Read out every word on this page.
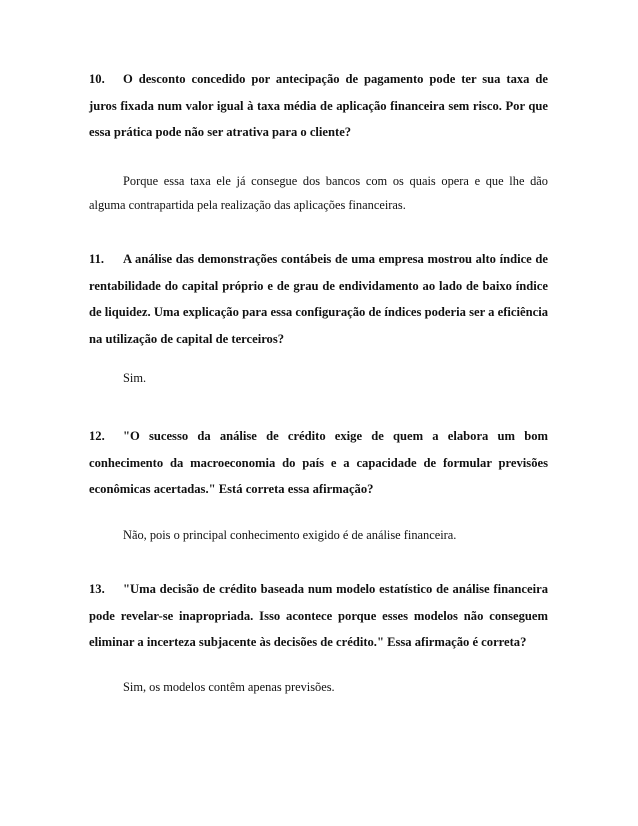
10. O desconto concedido por antecipação de pagamento pode ter sua taxa de juros fixada num valor igual à taxa média de aplicação financeira sem risco. Por que essa prática pode não ser atrativa para o cliente?

Porque essa taxa ele já consegue dos bancos com os quais opera e que lhe dão alguma contrapartida pela realização das aplicações financeiras.

11. A análise das demonstrações contábeis de uma empresa mostrou alto índice de rentabilidade do capital próprio e de grau de endividamento ao lado de baixo índice de liquidez. Uma explicação para essa configuração de índices poderia ser a eficiência na utilização de capital de terceiros?

Sim.

12. "O sucesso da análise de crédito exige de quem a elabora um bom conhecimento da macroeconomia do país e a capacidade de formular previsões econômicas acertadas." Está correta essa afirmação?

Não, pois o principal conhecimento exigido é de análise financeira.

13. "Uma decisão de crédito baseada num modelo estatístico de análise financeira pode revelar-se inapropriada. Isso acontece porque esses modelos não conseguem eliminar a incerteza subjacente às decisões de crédito." Essa afirmação é correta?

Sim, os modelos contêm apenas previsões.
